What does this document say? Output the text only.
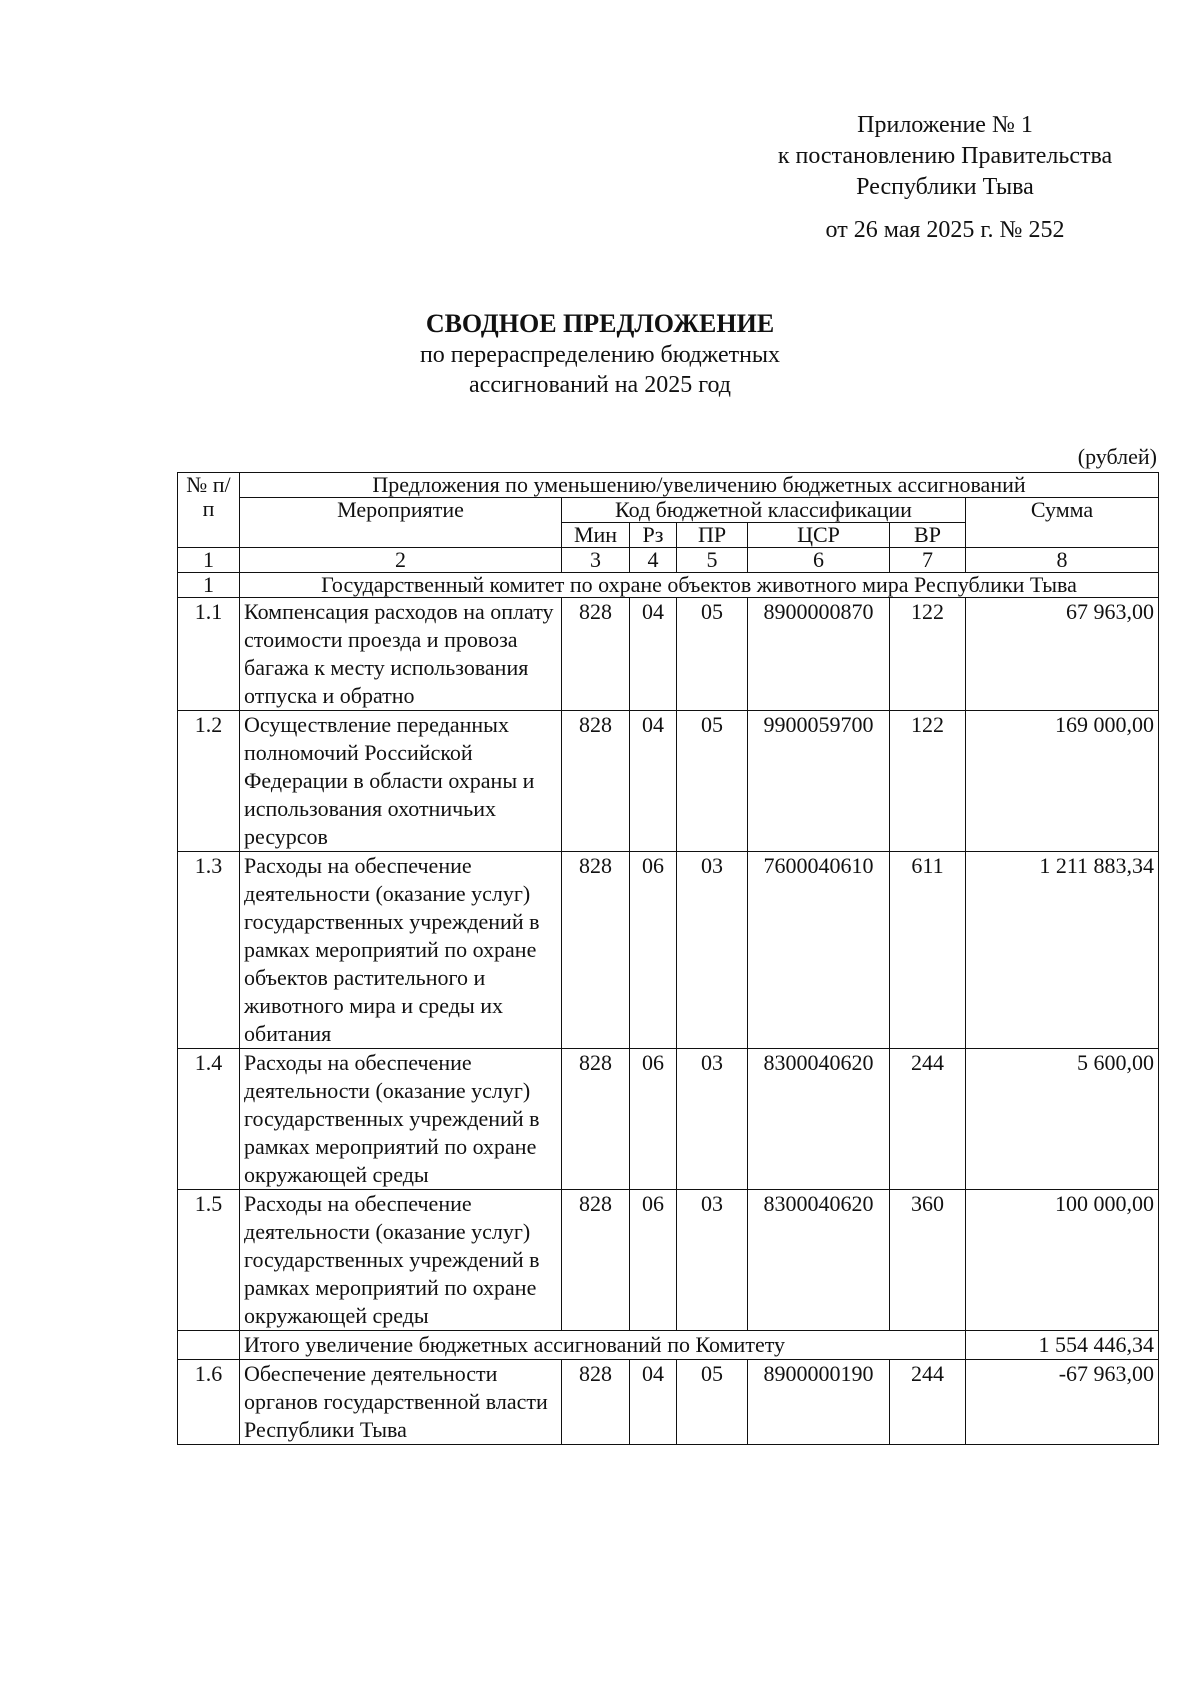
Приложение № 1
к постановлению Правительства
Республики Тыва
от 26 мая 2025 г. № 252
СВОДНОЕ ПРЕДЛОЖЕНИЕ
по перераспределению бюджетных
ассигнований на 2025 год
(рублей)
№ п/п	Предложения по уменьшению/увеличению бюджетных ассигнований						
	Мероприятие	Код бюджетной классификации					Сумма
		Мин	Рз	ПР	ЦСР	ВР	
1	2	3	4	5	6	7	8
1	Государственный комитет по охране объектов животного мира Республики Тыва						
1.1	Компенсация расходов на оплату стоимости проезда и провоза багажа к месту использования отпуска и обратно	828	04	05	8900000870	122	67 963,00
1.2	Осуществление переданных полномочий Российской Федерации в области охраны и использования охотничьих ресурсов	828	04	05	9900059700	122	169 000,00
1.3	Расходы на обеспечение деятельности (оказание услуг) государственных учреждений в рамках мероприятий по охране объектов растительного и животного мира и среды их обитания	828	06	03	7600040610	611	1 211 883,34
1.4	Расходы на обеспечение деятельности (оказание услуг) государственных учреждений в рамках мероприятий по охране окружающей среды	828	06	03	8300040620	244	5 600,00
1.5	Расходы на обеспечение деятельности (оказание услуг) государственных учреждений в рамках мероприятий по охране окружающей среды	828	06	03	8300040620	360	100 000,00
	Итого увеличение бюджетных ассигнований по Комитету						1 554 446,34
1.6	Обеспечение деятельности органов государственной власти Республики Тыва	828	04	05	8900000190	244	-67 963,00
